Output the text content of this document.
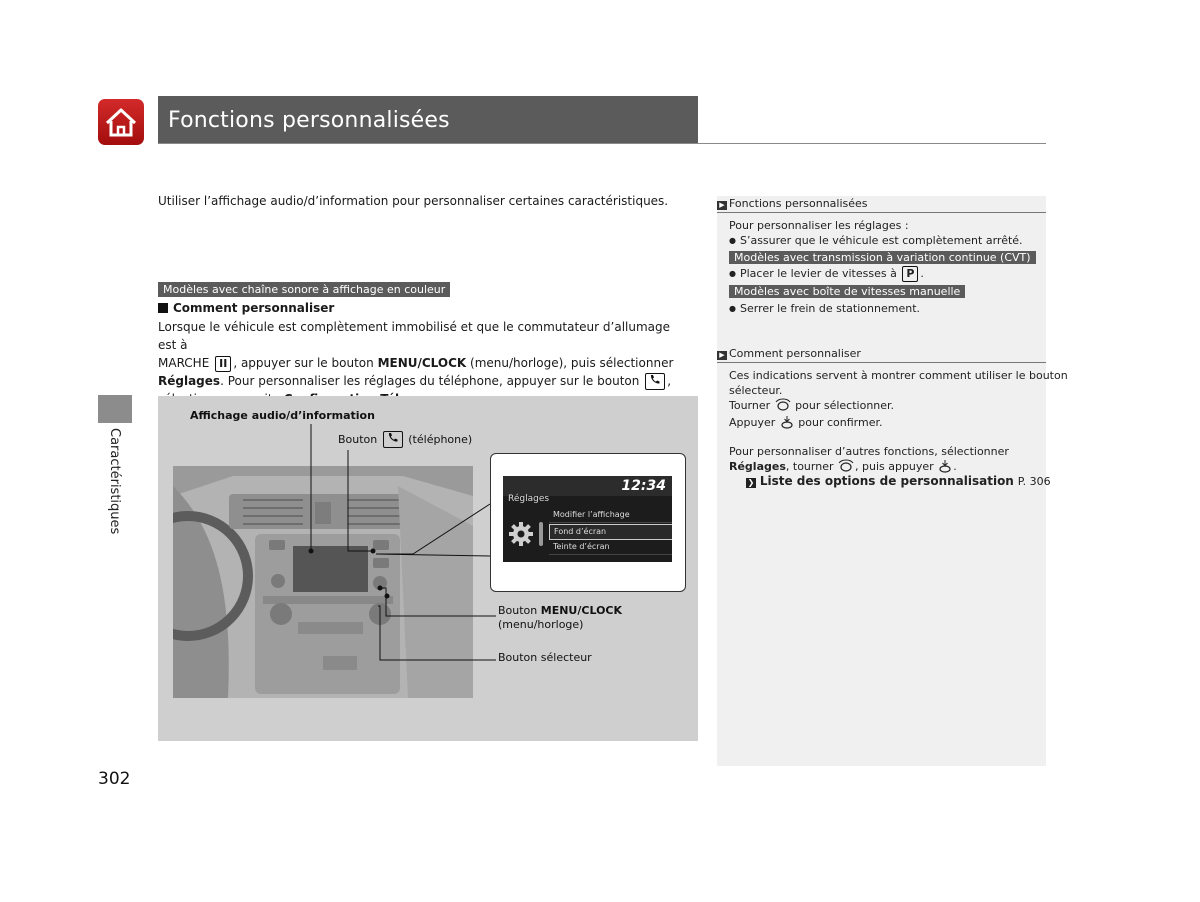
Fonctions personnalisées
Caractéristiques
Utiliser l’affichage audio/d’information pour personnaliser certaines caractéristiques.
Modèles avec chaîne sonore à affichage en couleur
Comment personnaliser
Lorsque le véhicule est complètement immobilisé et que le commutateur d’allumage est à
MARCHE II , appuyer sur le bouton MENU/CLOCK (menu/horloge), puis sélectionner
Réglages. Pour personnaliser les réglages du téléphone, appuyer sur le bouton ,
Affichage audio/d’information
Bouton	(téléphone)
Bouton MENU/CLOCK
(menu/horloge)
Bouton sélecteur
12:34
Réglages
Modifier l’affichage
Fond d’écran
Teinte d’écran
▶ Fonctions personnalisées
Pour personnaliser les réglages :
● S’assurer que le véhicule est complètement arrêté.
Modèles avec transmission à variation continue (CVT)
● Placer le levier de vitesses à P .
Modèles avec boîte de vitesses manuelle
● Serrer le frein de stationnement.
▶ Comment personnaliser
Ces indications servent à montrer comment utiliser le bouton
sélecteur.
Tourner pour sélectionner.
Appuyer pour confirmer.
Pour personnaliser d’autres fonctions, sélectionner
Réglages, tourner , puis appuyer .
❯ Liste des options de personnalisation P. 306
302
